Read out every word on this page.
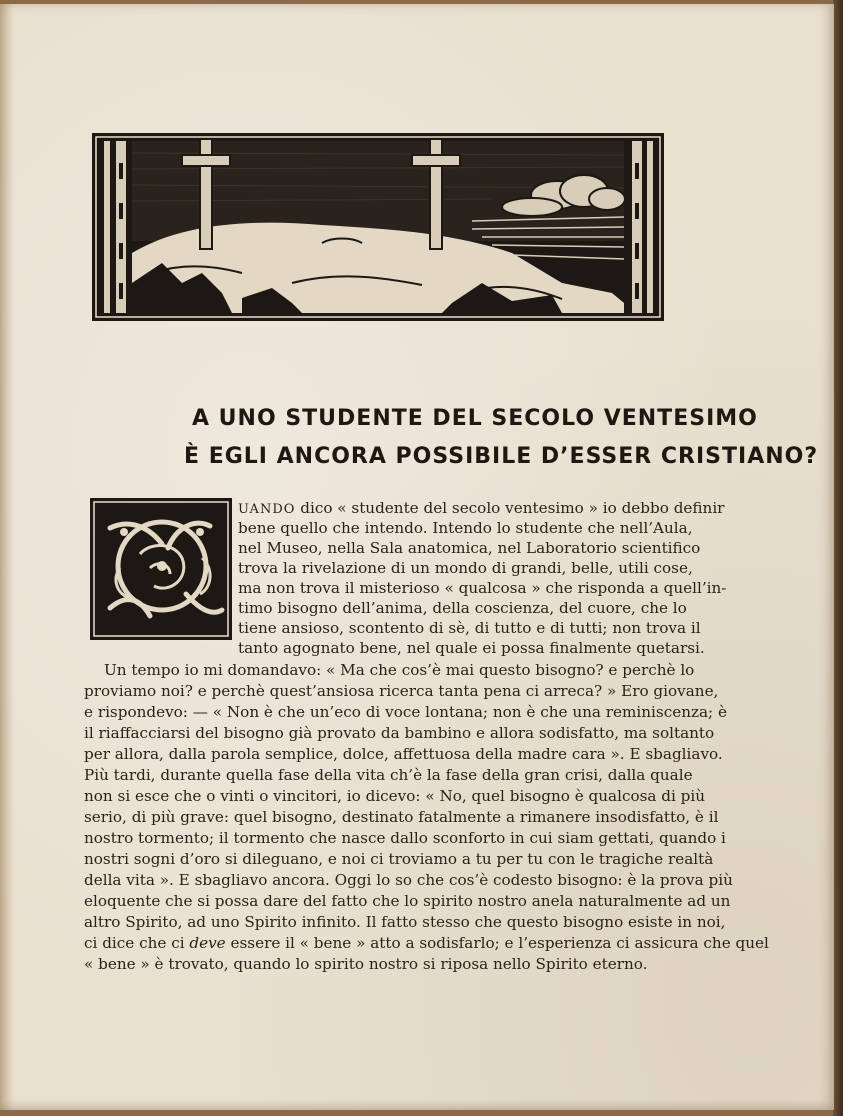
A UNO STUDENTE DEL SECOLO VENTESIMO
È EGLI ANCORA POSSIBILE D’ESSER CRISTIANO?
UANDO dico « studente del secolo ventesimo » io debbo definir
bene quello che intendo. Intendo lo studente che nell’Aula,
nel Museo, nella Sala anatomica, nel Laboratorio scientifico
trova la rivelazione di un mondo di grandi, belle, utili cose,
ma non trova il misterioso « qualcosa » che risponda a quell’in-
timo bisogno dell’anima, della coscienza, del cuore, che lo
tiene ansioso, scontento di sè, di tutto e di tutti; non trova il
tanto agognato bene, nel quale ei possa finalmente quetarsi.
Un tempo io mi domandavo: « Ma che cos’è mai questo bisogno? e perchè lo
proviamo noi? e perchè quest’ansiosa ricerca tanta pena ci arreca? » Ero giovane,
e rispondevo: — « Non è che un’eco di voce lontana; non è che una reminiscenza; è
il riaffacciarsi del bisogno già provato da bambino e allora sodisfatto, ma soltanto
per allora, dalla parola semplice, dolce, affettuosa della madre cara ». E sbagliavo.
Più tardi, durante quella fase della vita ch’è la fase della gran crisi, dalla quale
non si esce che o vinti o vincitori, io dicevo: « No, quel bisogno è qualcosa di più
serio, di più grave: quel bisogno, destinato fatalmente a rimanere insodisfatto, è il
nostro tormento; il tormento che nasce dallo sconforto in cui siam gettati, quando i
nostri sogni d’oro si dileguano, e noi ci troviamo a tu per tu con le tragiche realtà
della vita ». E sbagliavo ancora. Oggi lo so che cos’è codesto bisogno: è la prova più
eloquente che si possa dare del fatto che lo spirito nostro anela naturalmente ad un
altro Spirito, ad uno Spirito infinito. Il fatto stesso che questo bisogno esiste in noi,
ci dice che ci deve essere il « bene » atto a sodisfarlo; e l’esperienza ci assicura che quel
« bene » è trovato, quando lo spirito nostro si riposa nello Spirito eterno.
